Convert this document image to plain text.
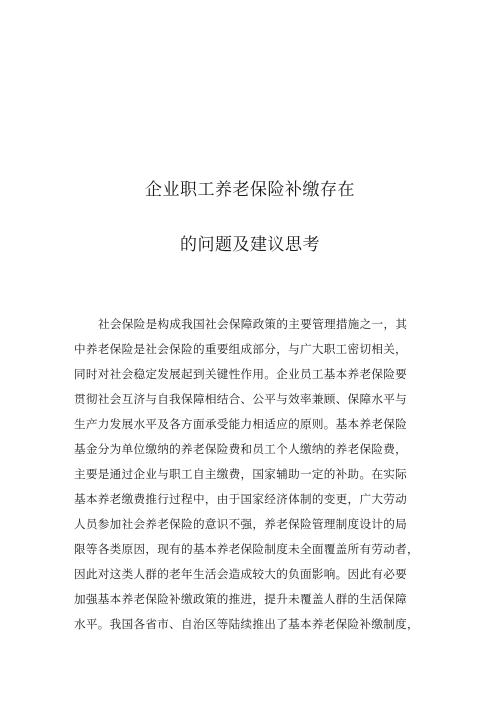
企业职工养老保险补缴存在
的问题及建议思考
社会保险是构成我国社会保障政策的主要管理措施之一，其
中养老保险是社会保险的重要组成部分，与广大职工密切相关，
同时对社会稳定发展起到关键性作用。企业员工基本养老保险要
贯彻社会互济与自我保障相结合、公平与效率兼顾、保障水平与
生产力发展水平及各方面承受能力相适应的原则。基本养老保险
基金分为单位缴纳的养老保险费和员工个人缴纳的养老保险费，
主要是通过企业与职工自主缴费，国家辅助一定的补助。在实际
基本养老缴费推行过程中，由于国家经济体制的变更，广大劳动
人员参加社会养老保险的意识不强，养老保险管理制度设计的局
限等各类原因，现有的基本养老保险制度未全面覆盖所有劳动者，
因此对这类人群的老年生活会造成较大的负面影响。因此有必要
加强基本养老保险补缴政策的推进，提升未覆盖人群的生活保障
水平。我国各省市、自治区等陆续推出了基本养老保险补缴制度，
